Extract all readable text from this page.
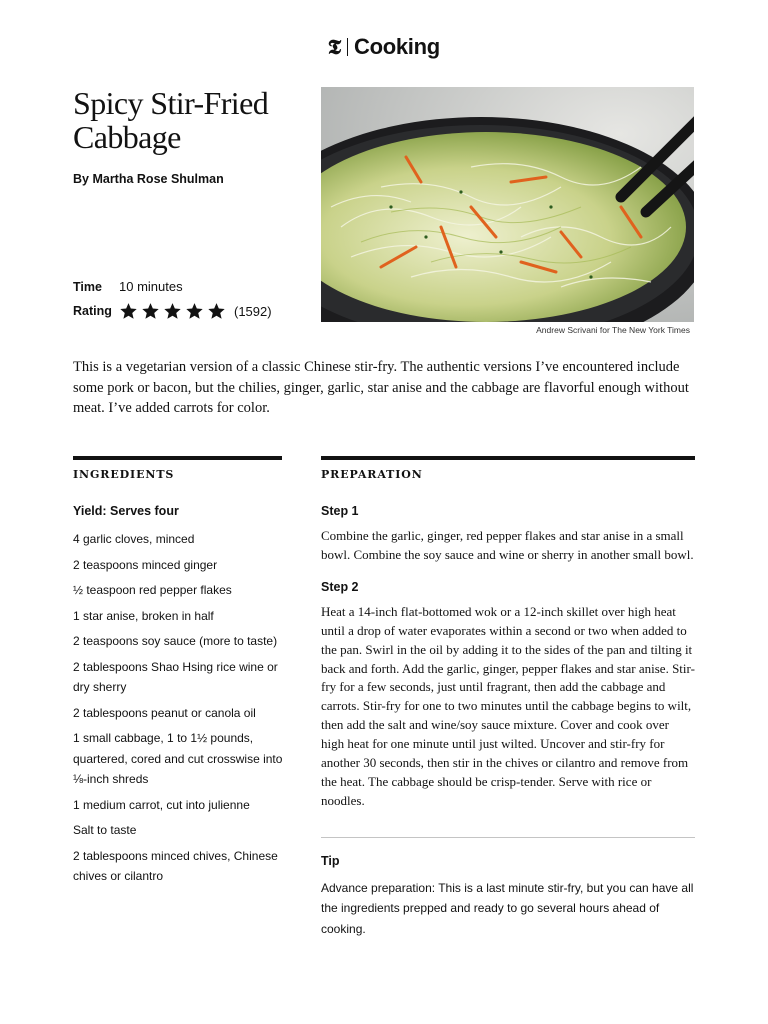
𝕿 Cooking
Spicy Stir-Fried Cabbage

By Martha Rose Shulman

Time	10 minutes
Rating	(1592)
Andrew Scrivani for The New York Times

This is a vegetarian version of a classic Chinese stir-fry. The authentic versions I’ve encountered include some pork or bacon, but the chilies, ginger, garlic, star anise and the cabbage are flavorful enough without meat. I’ve added carrots for color.

INGREDIENTS	PREPARATION

Yield: Serves four

4 garlic cloves, minced
2 teaspoons minced ginger
½ teaspoon red pepper flakes
1 star anise, broken in half
2 teaspoons soy sauce (more to taste)
2 tablespoons Shao Hsing rice wine or dry sherry
2 tablespoons peanut or canola oil
1 small cabbage, 1 to 1½ pounds, quartered, cored and cut crosswise into ⅛-inch shreds
1 medium carrot, cut into julienne
Salt to taste
2 tablespoons minced chives, Chinese chives or cilantro

Step 1

Combine the garlic, ginger, red pepper flakes and star anise in a small bowl. Combine the soy sauce and wine or sherry in another small bowl.

Step 2

Heat a 14-inch flat-bottomed wok or a 12-inch skillet over high heat until a drop of water evaporates within a second or two when added to the pan. Swirl in the oil by adding it to the sides of the pan and tilting it back and forth. Add the garlic, ginger, pepper flakes and star anise. Stir-fry for a few seconds, just until fragrant, then add the cabbage and carrots. Stir-fry for one to two minutes until the cabbage begins to wilt, then add the salt and wine/soy sauce mixture. Cover and cook over high heat for one minute until just wilted. Uncover and stir-fry for another 30 seconds, then stir in the chives or cilantro and remove from the heat. The cabbage should be crisp-tender. Serve with rice or noodles.

Tip

Advance preparation: This is a last minute stir-fry, but you can have all the ingredients prepped and ready to go several hours ahead of cooking.
